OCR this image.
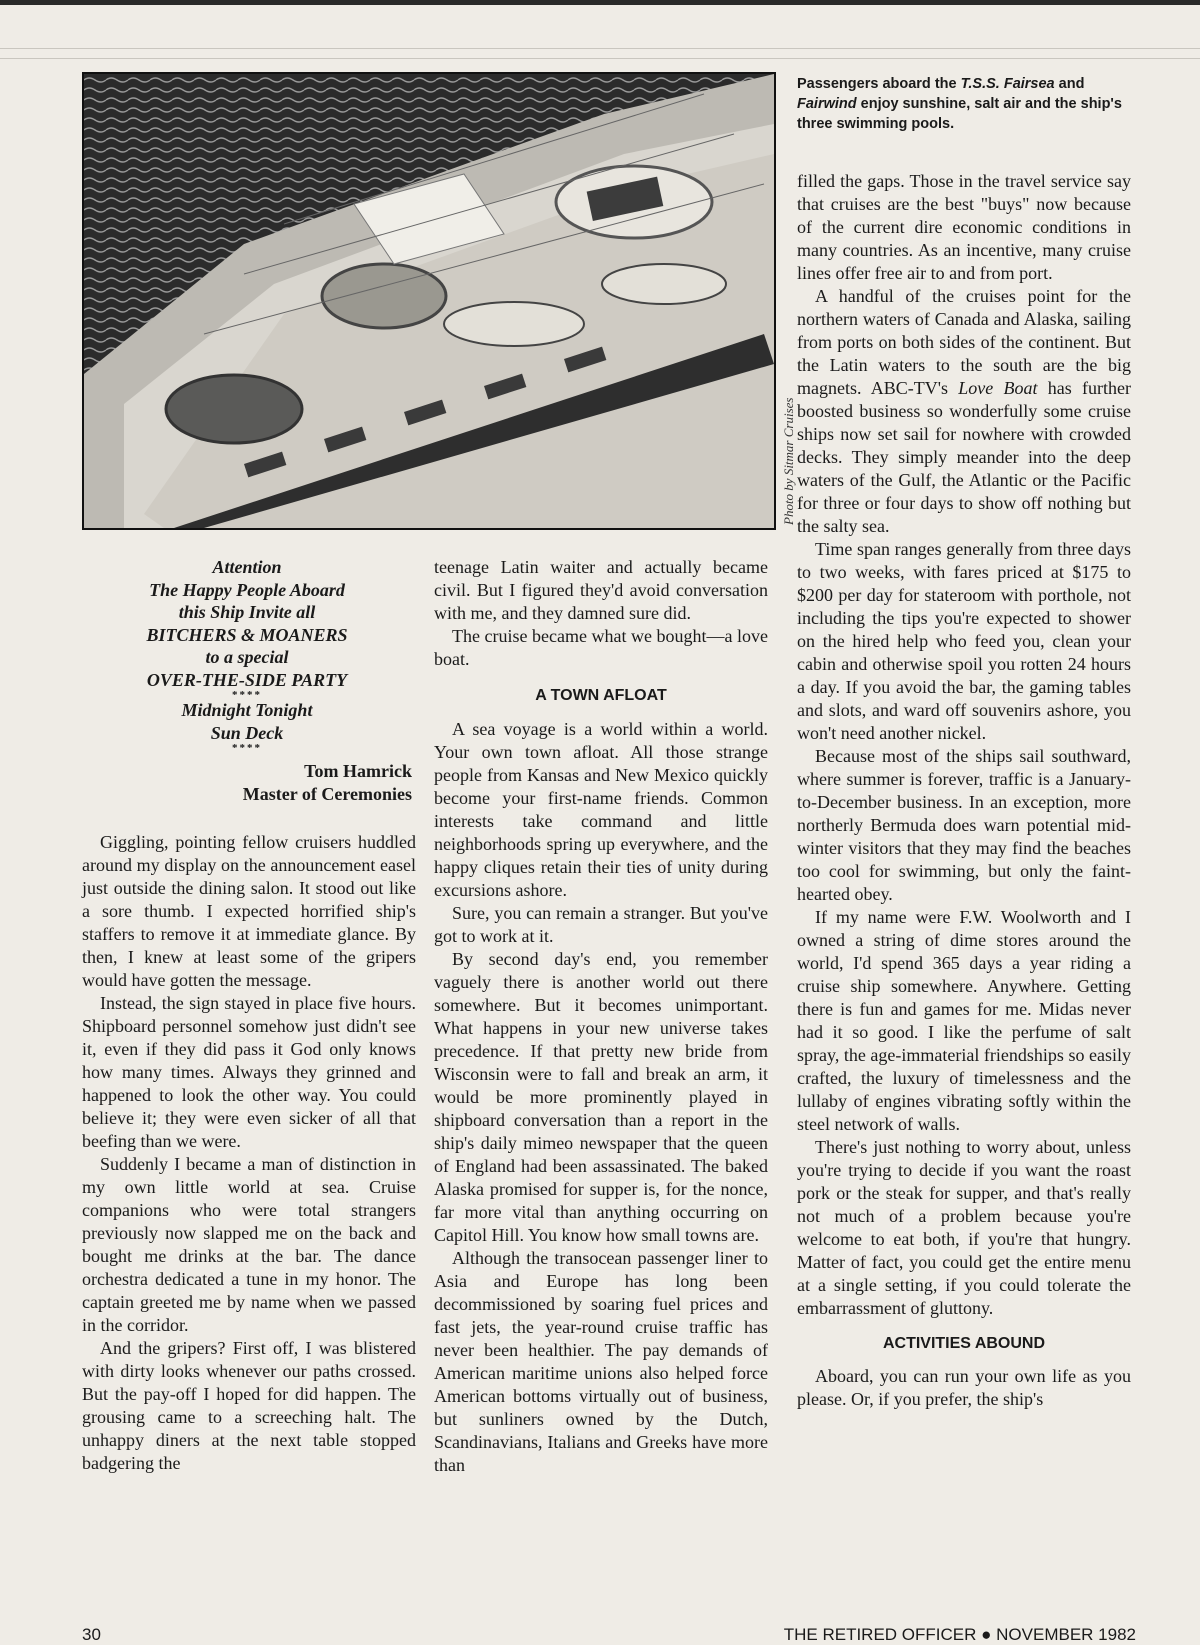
Photo by Sitmar Cruises
Passengers aboard the T.S.S. Fairsea and Fairwind enjoy sunshine, salt air and the ship's three swimming pools.
Attention
The Happy People Aboard
this Ship Invite all
BITCHERS & MOANERS
to a special
OVER-THE-SIDE PARTY
****
Midnight Tonight
Sun Deck
****
Tom Hamrick
Master of Ceremonies

Giggling, pointing fellow cruisers huddled around my display on the announcement easel just outside the dining salon. It stood out like a sore thumb. I expected horrified ship's staffers to remove it at immediate glance. By then, I knew at least some of the gripers would have gotten the message.

Instead, the sign stayed in place five hours. Shipboard personnel somehow just didn't see it, even if they did pass it God only knows how many times. Always they grinned and happened to look the other way. You could believe it; they were even sicker of all that beefing than we were.

Suddenly I became a man of distinction in my own little world at sea. Cruise companions who were total strangers previously now slapped me on the back and bought me drinks at the bar. The dance orchestra dedicated a tune in my honor. The captain greeted me by name when we passed in the corridor.

And the gripers? First off, I was blistered with dirty looks whenever our paths crossed. But the pay-off I hoped for did happen. The grousing came to a screeching halt. The unhappy diners at the next table stopped badgering the

teenage Latin waiter and actually became civil. But I figured they'd avoid conversation with me, and they damned sure did.

The cruise became what we bought—a love boat.

A TOWN AFLOAT

A sea voyage is a world within a world. Your own town afloat. All those strange people from Kansas and New Mexico quickly become your first-name friends. Common interests take command and little neighborhoods spring up everywhere, and the happy cliques retain their ties of unity during excursions ashore.

Sure, you can remain a stranger. But you've got to work at it.

By second day's end, you remember vaguely there is another world out there somewhere. But it becomes unimportant. What happens in your new universe takes precedence. If that pretty new bride from Wisconsin were to fall and break an arm, it would be more prominently played in shipboard conversation than a report in the ship's daily mimeo newspaper that the queen of England had been assassinated. The baked Alaska promised for supper is, for the nonce, far more vital than anything occurring on Capitol Hill. You know how small towns are.

Although the transocean passenger liner to Asia and Europe has long been decommissioned by soaring fuel prices and fast jets, the year-round cruise traffic has never been healthier. The pay demands of American maritime unions also helped force American bottoms virtually out of business, but sunliners owned by the Dutch, Scandinavians, Italians and Greeks have more than

filled the gaps. Those in the travel service say that cruises are the best "buys" now because of the current dire economic conditions in many countries. As an incentive, many cruise lines offer free air to and from port.

A handful of the cruises point for the northern waters of Canada and Alaska, sailing from ports on both sides of the continent. But the Latin waters to the south are the big magnets. ABC-TV's Love Boat has further boosted business so wonderfully some cruise ships now set sail for nowhere with crowded decks. They simply meander into the deep waters of the Gulf, the Atlantic or the Pacific for three or four days to show off nothing but the salty sea.

Time span ranges generally from three days to two weeks, with fares priced at $175 to $200 per day for stateroom with porthole, not including the tips you're expected to shower on the hired help who feed you, clean your cabin and otherwise spoil you rotten 24 hours a day. If you avoid the bar, the gaming tables and slots, and ward off souvenirs ashore, you won't need another nickel.

Because most of the ships sail southward, where summer is forever, traffic is a January-to-December business. In an exception, more northerly Bermuda does warn potential mid-winter visitors that they may find the beaches too cool for swimming, but only the faint-hearted obey.

If my name were F.W. Woolworth and I owned a string of dime stores around the world, I'd spend 365 days a year riding a cruise ship somewhere. Anywhere. Getting there is fun and games for me. Midas never had it so good. I like the perfume of salt spray, the age-immaterial friendships so easily crafted, the luxury of timelessness and the lullaby of engines vibrating softly within the steel network of walls.

There's just nothing to worry about, unless you're trying to decide if you want the roast pork or the steak for supper, and that's really not much of a problem because you're welcome to eat both, if you're that hungry. Matter of fact, you could get the entire menu at a single setting, if you could tolerate the embarrassment of gluttony.

ACTIVITIES ABOUND

Aboard, you can run your own life as you please. Or, if you prefer, the ship's

30	THE RETIRED OFFICER ● NOVEMBER 1982
